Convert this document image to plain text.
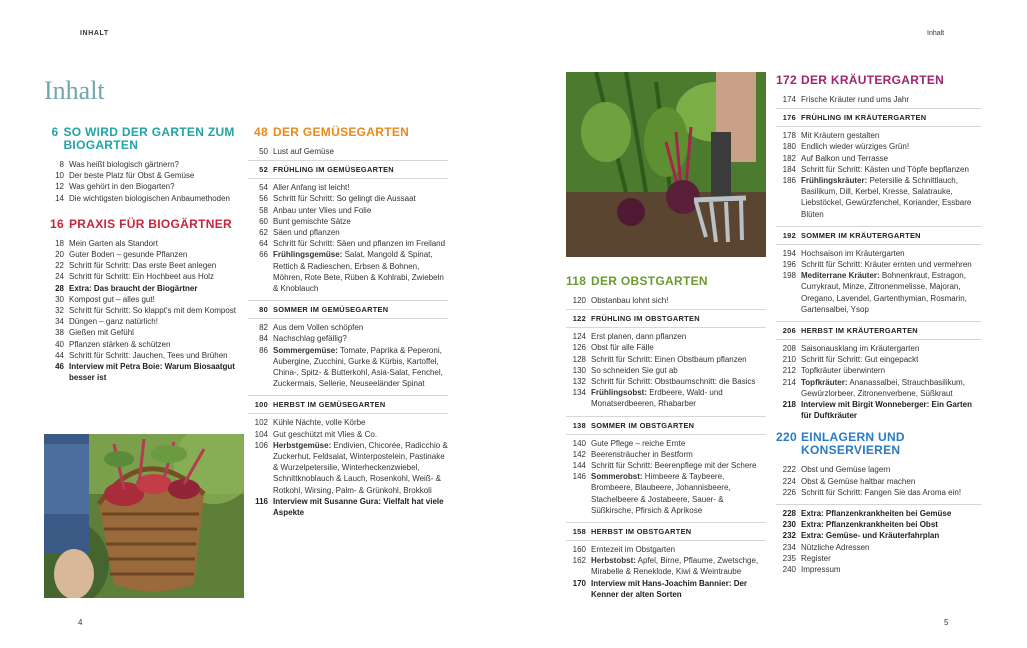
INHALT	Inhalt
Inhalt
6 SO WIRD DER GARTEN ZUM BIOGARTEN
8 Was heißt biologisch gärtnern?
10 Der beste Platz für Obst & Gemüse
12 Was gehört in den Biogarten?
14 Die wichtigsten biologischen Anbaumethoden
16 PRAXIS FÜR BIOGÄRTNER
18 Mein Garten als Standort
20 Guter Boden – gesunde Pflanzen
22 Schritt für Schritt: Das erste Beet anlegen
24 Schritt für Schritt: Ein Hochbeet aus Holz
28 Extra: Das braucht der Biogärtner
30 Kompost gut – alles gut!
32 Schritt für Schritt: So klappt’s mit dem Kompost
34 Düngen – ganz natürlich!
38 Gießen mit Gefühl
40 Pflanzen stärken & schützen
44 Schritt für Schritt: Jauchen, Tees und Brühen
46 Interview mit Petra Boie: Warum Biosaatgut besser ist
48 DER GEMÜSEGARTEN
50 Lust auf Gemüse
52 FRÜHLING IM GEMÜSEGARTEN
54 Aller Anfang ist leicht!
56 Schritt für Schritt: So gelingt die Aussaat
58 Anbau unter Vlies und Folie
60 Bunt gemischte Sätze
62 Säen und pflanzen
64 Schritt für Schritt: Säen und pflanzen im Freiland
66 Frühlingsgemüse: Salat, Mangold & Spinat, Rettich & Radieschen, Erbsen & Bohnen, Möhren, Rote Bete, Rüben & Kohlrabi, Zwiebeln & Knoblauch
80 SOMMER IM GEMÜSEGARTEN
82 Aus dem Vollen schöpfen
84 Nachschlag gefällig?
86 Sommergemüse: Tomate, Paprika & Peperoni, Aubergine, Zucchini, Gurke & Kürbis, Kartoffel, China-, Spitz- & Butterkohl, Asia-Salat, Fenchel, Zuckermais, Sellerie, Neuseeländer Spinat
100 HERBST IM GEMÜSEGARTEN
102 Kühle Nächte, volle Körbe
104 Gut geschützt mit Vlies & Co.
106 Herbstgemüse: Endivien, Chicorée, Radicchio & Zuckerhut, Feldsalat, Winterpostelein, Pastinake & Wurzelpetersilie, Winterheckenzwiebel, Schnittknoblauch & Lauch, Rosenkohl, Weiß- & Rotkohl, Wirsing, Palm- & Grünkohl, Brokkoli
116 Interview mit Susanne Gura: Vielfalt hat viele Aspekte
118 DER OBSTGARTEN
120 Obstanbau lohnt sich!
122 FRÜHLING IM OBSTGARTEN
124 Erst planen, dann pflanzen
126 Obst für alle Fälle
128 Schritt für Schritt: Einen Obstbaum pflanzen
130 So schneiden Sie gut ab
132 Schritt für Schritt: Obstbaumschnitt: die Basics
134 Frühlingsobst: Erdbeere, Wald- und Monatserdbeeren, Rhabarber
138 SOMMER IM OBSTGARTEN
140 Gute Pflege – reiche Ernte
142 Beerensträucher in Bestform
144 Schritt für Schritt: Beerenpflege mit der Schere
146 Sommerobst: Himbeere & Taybeere, Brombeere, Blaubeere, Johannisbeere, Stachelbeere & Jostabeere, Sauer- & Süßkirsche, Pfirsich & Aprikose
158 HERBST IM OBSTGARTEN
160 Erntezeit im Obstgarten
162 Herbstobst: Apfel, Birne, Pflaume, Zwetschge, Mirabelle & Reneklode, Kiwi & Weintraube
170 Interview mit Hans-Joachim Bannier: Der Kenner der alten Sorten
172 DER KRÄUTERGARTEN
174 Frische Kräuter rund ums Jahr
176 FRÜHLING IM KRÄUTERGARTEN
178 Mit Kräutern gestalten
180 Endlich wieder würziges Grün!
182 Auf Balkon und Terrasse
184 Schritt für Schritt: Kästen und Töpfe bepflanzen
186 Frühlingskräuter: Petersilie & Schnittlauch, Basilikum, Dill, Kerbel, Kresse, Salatrauke, Liebstöckel, Gewürzfenchel, Koriander, Essbare Blüten
192 SOMMER IM KRÄUTERGARTEN
194 Hochsaison im Kräutergarten
196 Schritt für Schritt: Kräuter ernten und vermehren
198 Mediterrane Kräuter: Bohnenkraut, Estragon, Currykraut, Minze, Zitronenmelisse, Majoran, Oregano, Lavendel, Gartenthymian, Rosmarin, Gartensalbei, Ysop
206 HERBST IM KRÄUTERGARTEN
208 Saisonausklang im Kräutergarten
210 Schritt für Schritt: Gut eingepackt
212 Topfkräuter überwintern
214 Topfkräuter: Ananassalbei, Strauchbasilikum, Gewürzlorbeer, Zitronenverbene, Süßkraut
218 Interview mit Birgit Wonneberger: Ein Garten für Duftkräuter
220 EINLAGERN UND KONSERVIEREN
222 Obst und Gemüse lagern
224 Obst & Gemüse haltbar machen
226 Schritt für Schritt: Fangen Sie das Aroma ein!
228 Extra: Pflanzenkrankheiten bei Gemüse
230 Extra: Pflanzenkrankheiten bei Obst
232 Extra: Gemüse- und Kräuterfahrplan
234 Nützliche Adressen
235 Register
240 Impressum
4	5
